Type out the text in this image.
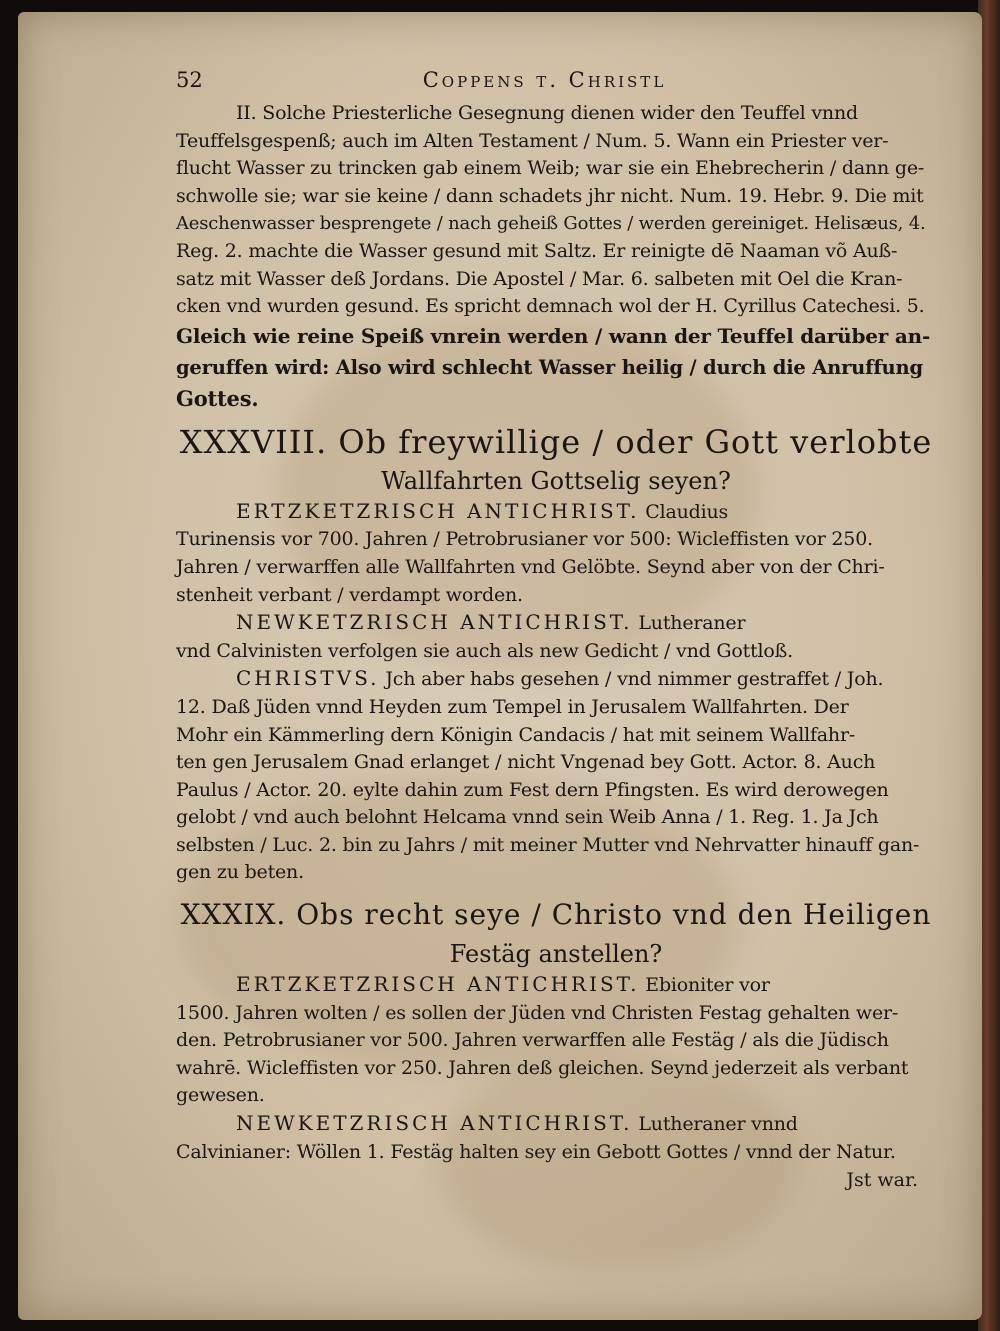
52	Coppens t. Christl
II. Solche Priesterliche Gesegnung dienen wider den Teuffel vnnd
Teuffelsgespenß; auch im Alten Testament / Num. 5. Wann ein Priester ver-
flucht Wasser zu trincken gab einem Weib; war sie ein Ehebrecherin / dann ge-
schwolle sie; war sie keine / dann schadets jhr nicht. Num. 19. Hebr. 9. Die mit
Aeschenwasser besprengete / nach geheiß Gottes / werden gereiniget. Helisæus, 4.
Reg. 2. machte die Wasser gesund mit Saltz. Er reinigte dē Naaman võ Auß-
satz mit Wasser deß Jordans. Die Apostel / Mar. 6. salbeten mit Oel die Kran-
cken vnd wurden gesund. Es spricht demnach wol der H. Cyrillus Catechesi. 5.
Gleich wie reine Speiß vnrein werden / wann der Teuffel darüber an-
geruffen wird: Also wird schlecht Wasser heilig / durch die Anruffung
Gottes.
XXXVIII. Ob freywillige / oder Gott verlobte
Wallfahrten Gottselig seyen?
ERTZKETZRISCH ANTICHRIST. Claudius
Turinensis vor 700. Jahren / Petrobrusianer vor 500: Wicleffisten vor 250.
Jahren / verwarffen alle Wallfahrten vnd Gelöbte. Seynd aber von der Chri-
stenheit verbant / verdampt worden.
NEWKETZRISCH ANTICHRIST. Lutheraner
vnd Calvinisten verfolgen sie auch als new Gedicht / vnd Gottloß.
CHRISTVS. Jch aber habs gesehen / vnd nimmer gestraffet / Joh.
12. Daß Jüden vnnd Heyden zum Tempel in Jerusalem Wallfahrten. Der
Mohr ein Kämmerling dern Königin Candacis / hat mit seinem Wallfahr-
ten gen Jerusalem Gnad erlanget / nicht Vngenad bey Gott. Actor. 8. Auch
Paulus / Actor. 20. eylte dahin zum Fest dern Pfingsten. Es wird derowegen
gelobt / vnd auch belohnt Helcama vnnd sein Weib Anna / 1. Reg. 1. Ja Jch
selbsten / Luc. 2. bin zu Jahrs / mit meiner Mutter vnd Nehrvatter hinauff gan-
gen zu beten.
XXXIX. Obs recht seye / Christo vnd den Heiligen
Festäg anstellen?
ERTZKETZRISCH ANTICHRIST. Ebioniter vor
1500. Jahren wolten / es sollen der Jüden vnd Christen Festag gehalten wer-
den. Petrobrusianer vor 500. Jahren verwarffen alle Festäg / als die Jüdisch
wahrē. Wicleffisten vor 250. Jahren deß gleichen. Seynd jederzeit als verbant
gewesen.
NEWKETZRISCH ANTICHRIST. Lutheraner vnnd
Calvinianer: Wöllen 1. Festäg halten sey ein Gebott Gottes / vnnd der Natur.
Jst war.
